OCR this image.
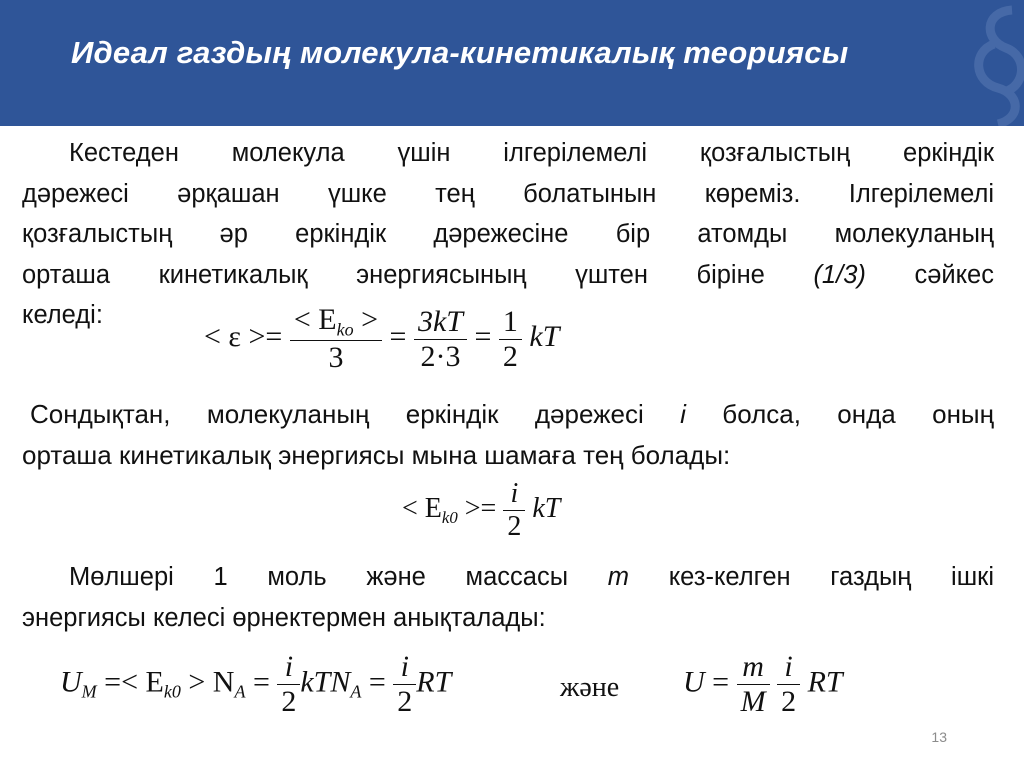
Идеал газдың молекула-кинетикалық теориясы
Кестеден молекула үшін ілгерілемелі қозғалыстың еркіндік
дәрежесі әрқашан үшке тең болатынын көреміз. Ілгерілемелі
қозғалыстың әр еркіндік дәрежесіне бір атомды молекуланың
орташа кинетикалық энергиясының үштен біріне (1/3) сәйкес
келеді:
< $\varepsilon >= \frac{< E_{ko} >}{3} = \frac{3kT}{2\cdot 3} = \frac{1}{2}$ kT
Сондықтан, молекуланың еркіндік дәрежесі i болса, онда оның
орташа кинетикалық энергиясы мына шамаға тең болады:
< $E_{k0} >= \frac{i}{2}$ kT
Мөлшері 1 моль және массасы m кез-келген газдың ішкі
энергиясы келесі өрнектермен анықталады:
$U_M =< E_{k0} > N_A = \frac{i}{2} kTN_A = \frac{i}{2}$ RT	және $U = \frac{m}{M}$
$\frac{i}{2}$ RT
13
